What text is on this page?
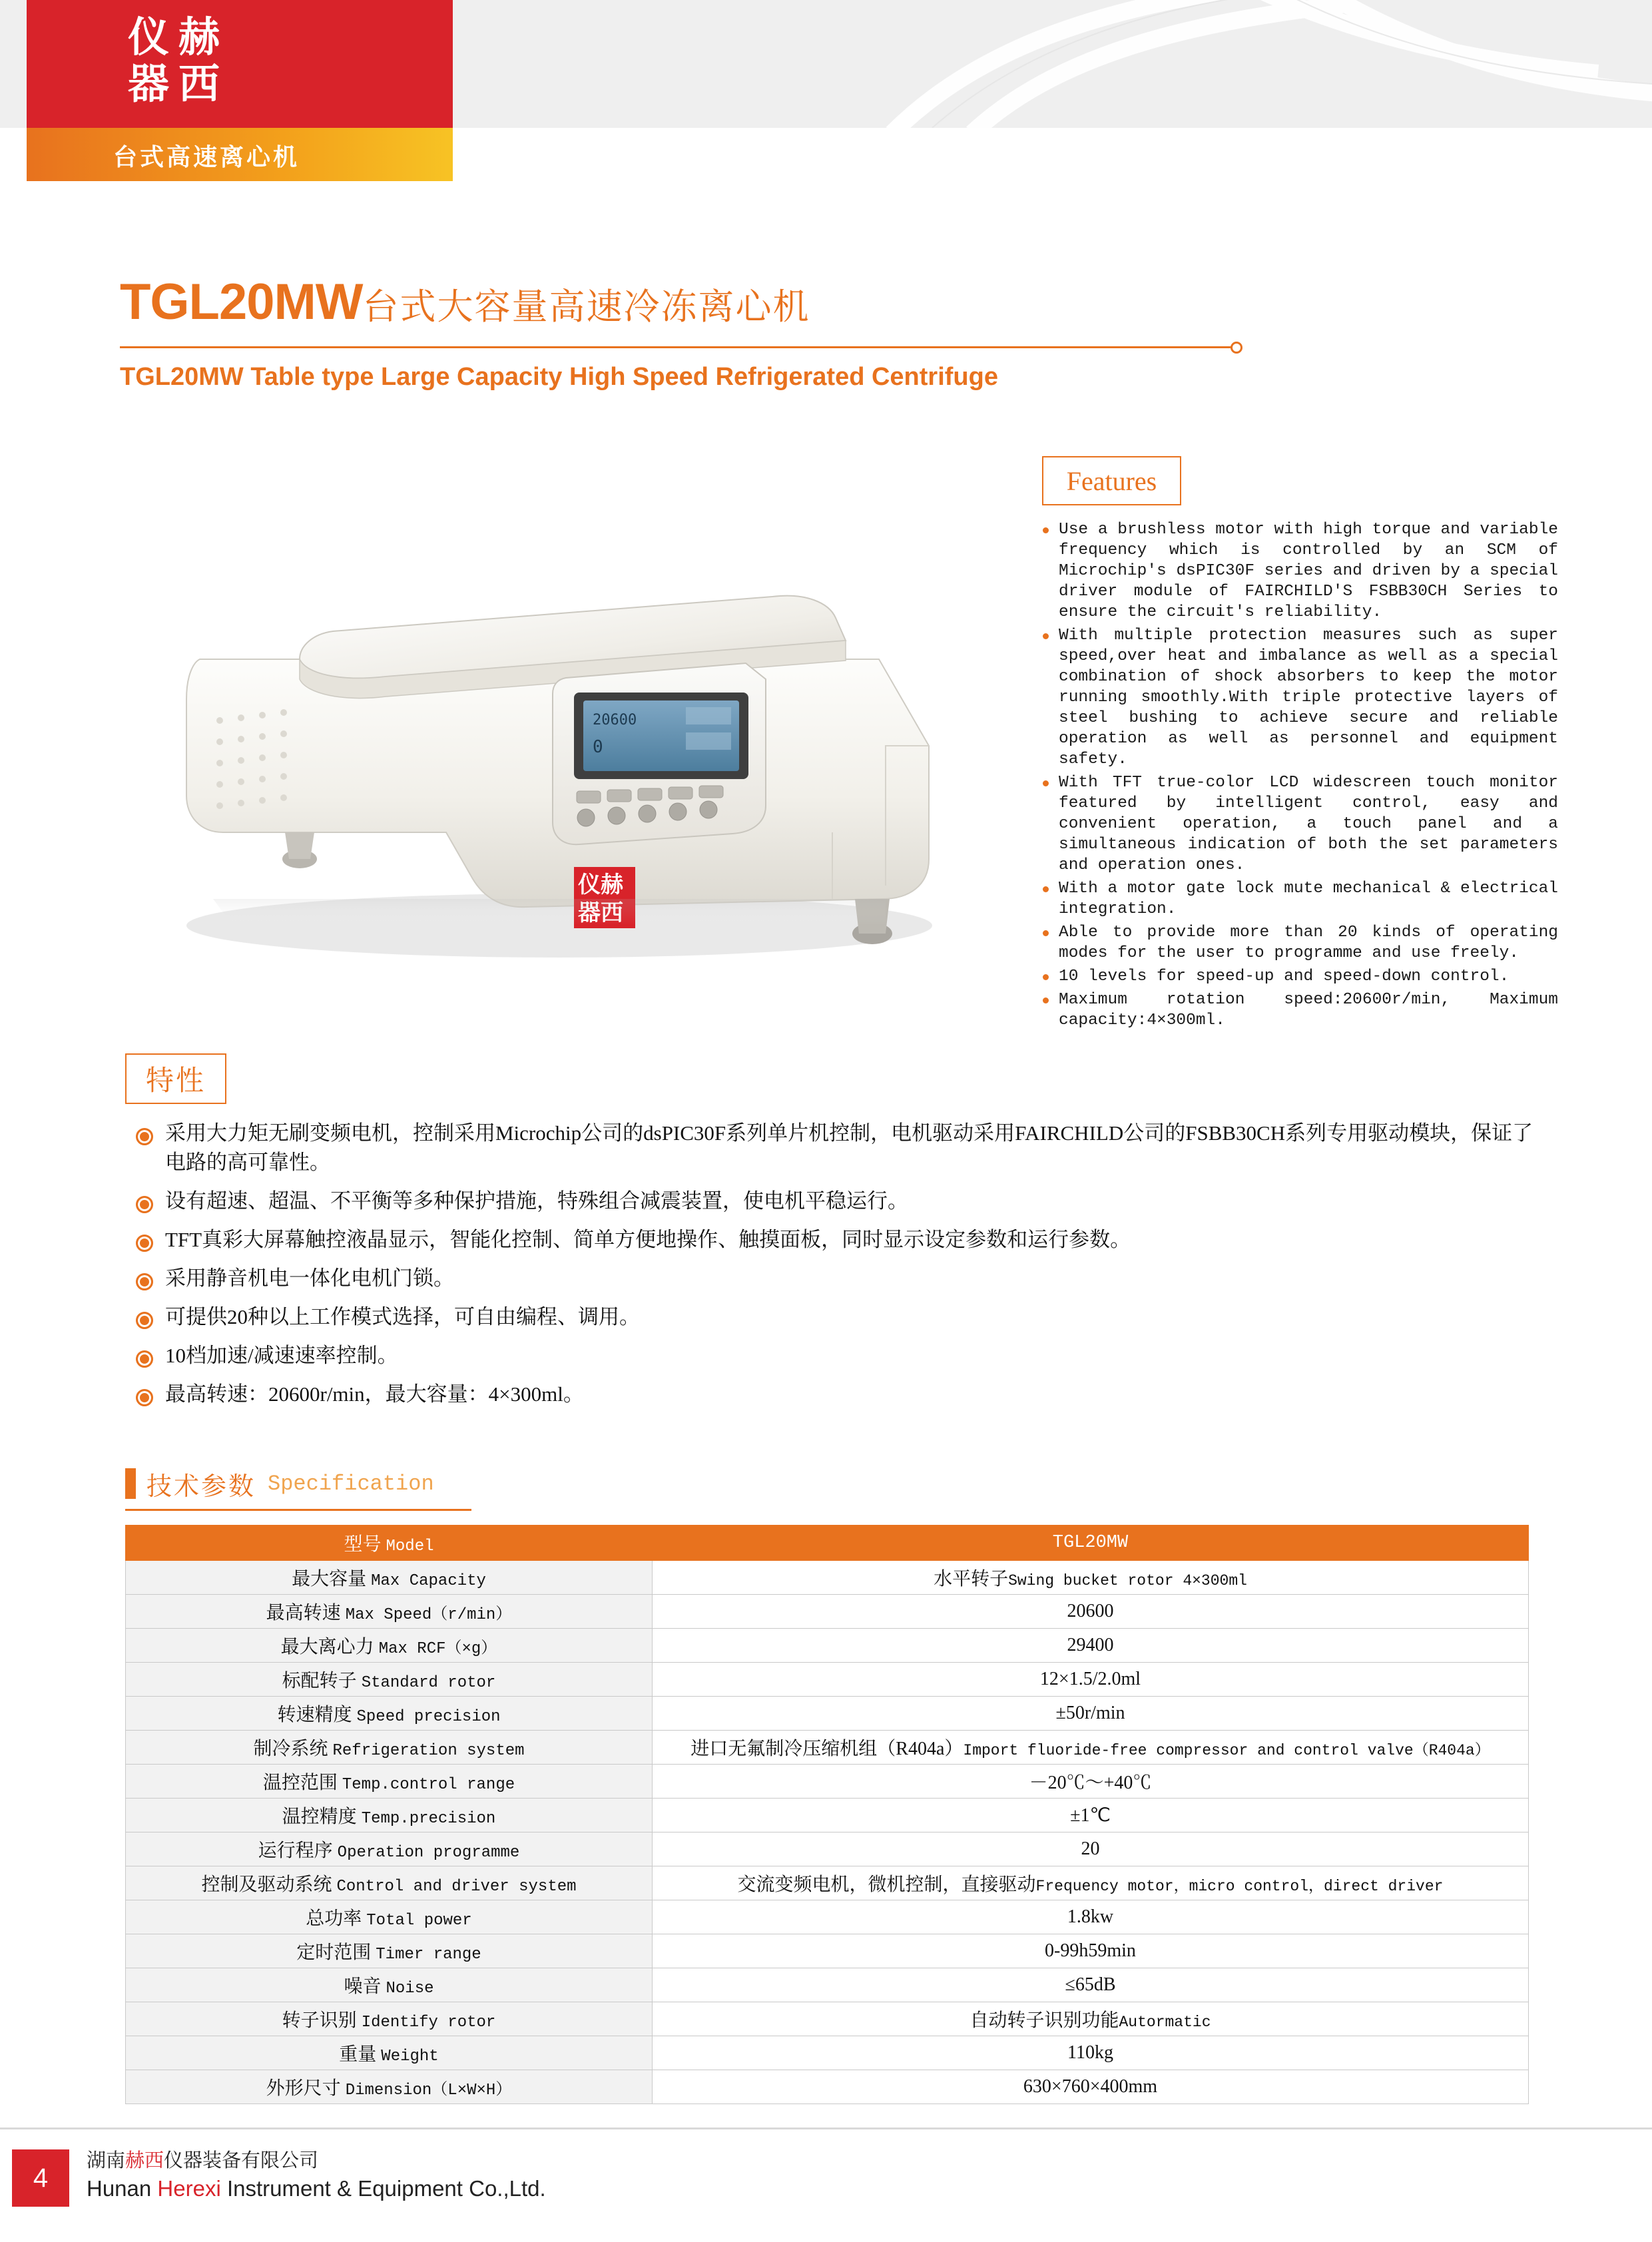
仪 赫
器 西
台式高速离心机
TGL20MW台式大容量高速冷冻离心机
TGL20MW Table type Large Capacity High Speed Refrigerated Centrifuge
20600
0
仪赫
器西
Features
Use a brushless motor with high torque and variable frequency which is controlled by an SCM of Microchip's dsPIC30F series and driven by a special driver module of FAIRCHILD'S FSBB30CH Series to ensure the circuit's reliability.
With multiple protection measures such as super speed,over heat and imbalance as well as a special combination of shock absorbers to keep the motor running smoothly.With triple protective layers of steel bushing to achieve secure and reliable operation as well as personnel and equipment safety.
With TFT true-color LCD widescreen touch monitor featured by intelligent control, easy and convenient operation, a touch panel and a simultaneous indication of both the set parameters and operation ones.
With a motor gate lock mute mechanical & electrical integration.
Able to provide more than 20 kinds of operating modes for the user to programme and use freely.
10 levels for speed-up and speed-down control.
Maximum rotation speed:20600r/min, Maximum capacity:4×300ml.
特性
采用大力矩无刷变频电机，控制采用Microchip公司的dsPIC30F系列单片机控制，电机驱动采用FAIRCHILD公司的FSBB30CH系列专用驱动模块，保证了电路的高可靠性。
设有超速、超温、不平衡等多种保护措施，特殊组合减震装置，使电机平稳运行。
TFT真彩大屏幕触控液晶显示，智能化控制、简单方便地操作、触摸面板，同时显示设定参数和运行参数。
采用静音机电一体化电机门锁。
可提供20种以上工作模式选择，可自由编程、调用。
10档加速/减速速率控制。
最高转速：20600r/min，最大容量：4×300ml。
技术参数 Specification
型号 Model	TGL20MW
最大容量 Max Capacity	水平转子Swing bucket rotor 4×300ml
最高转速 Max Speed（r/min）	20600
最大离心力 Max RCF（×g）	29400
标配转子 Standard rotor	12×1.5/2.0ml
转速精度 Speed precision	±50r/min
制冷系统 Refrigeration system	进口无氟制冷压缩机组（R404a）Import fluoride-free compressor and control valve（R404a）
温控范围 Temp.control range	－20℃～+40℃
温控精度 Temp.precision	±1℃
运行程序 Operation programme	20
控制及驱动系统 Control and driver system	交流变频电机，微机控制，直接驱动Frequency motor，micro control，direct driver
总功率 Total power	1.8kw
定时范围 Timer range	0-99h59min
噪音 Noise	≤65dB
转子识别 Identify rotor	自动转子识别功能Autormatic
重量 Weight	110kg
外形尺寸 Dimension（L×W×H）	630×760×400mm
4
湖南赫西仪器装备有限公司
Hunan Herexi Instrument & Equipment Co.,Ltd.
